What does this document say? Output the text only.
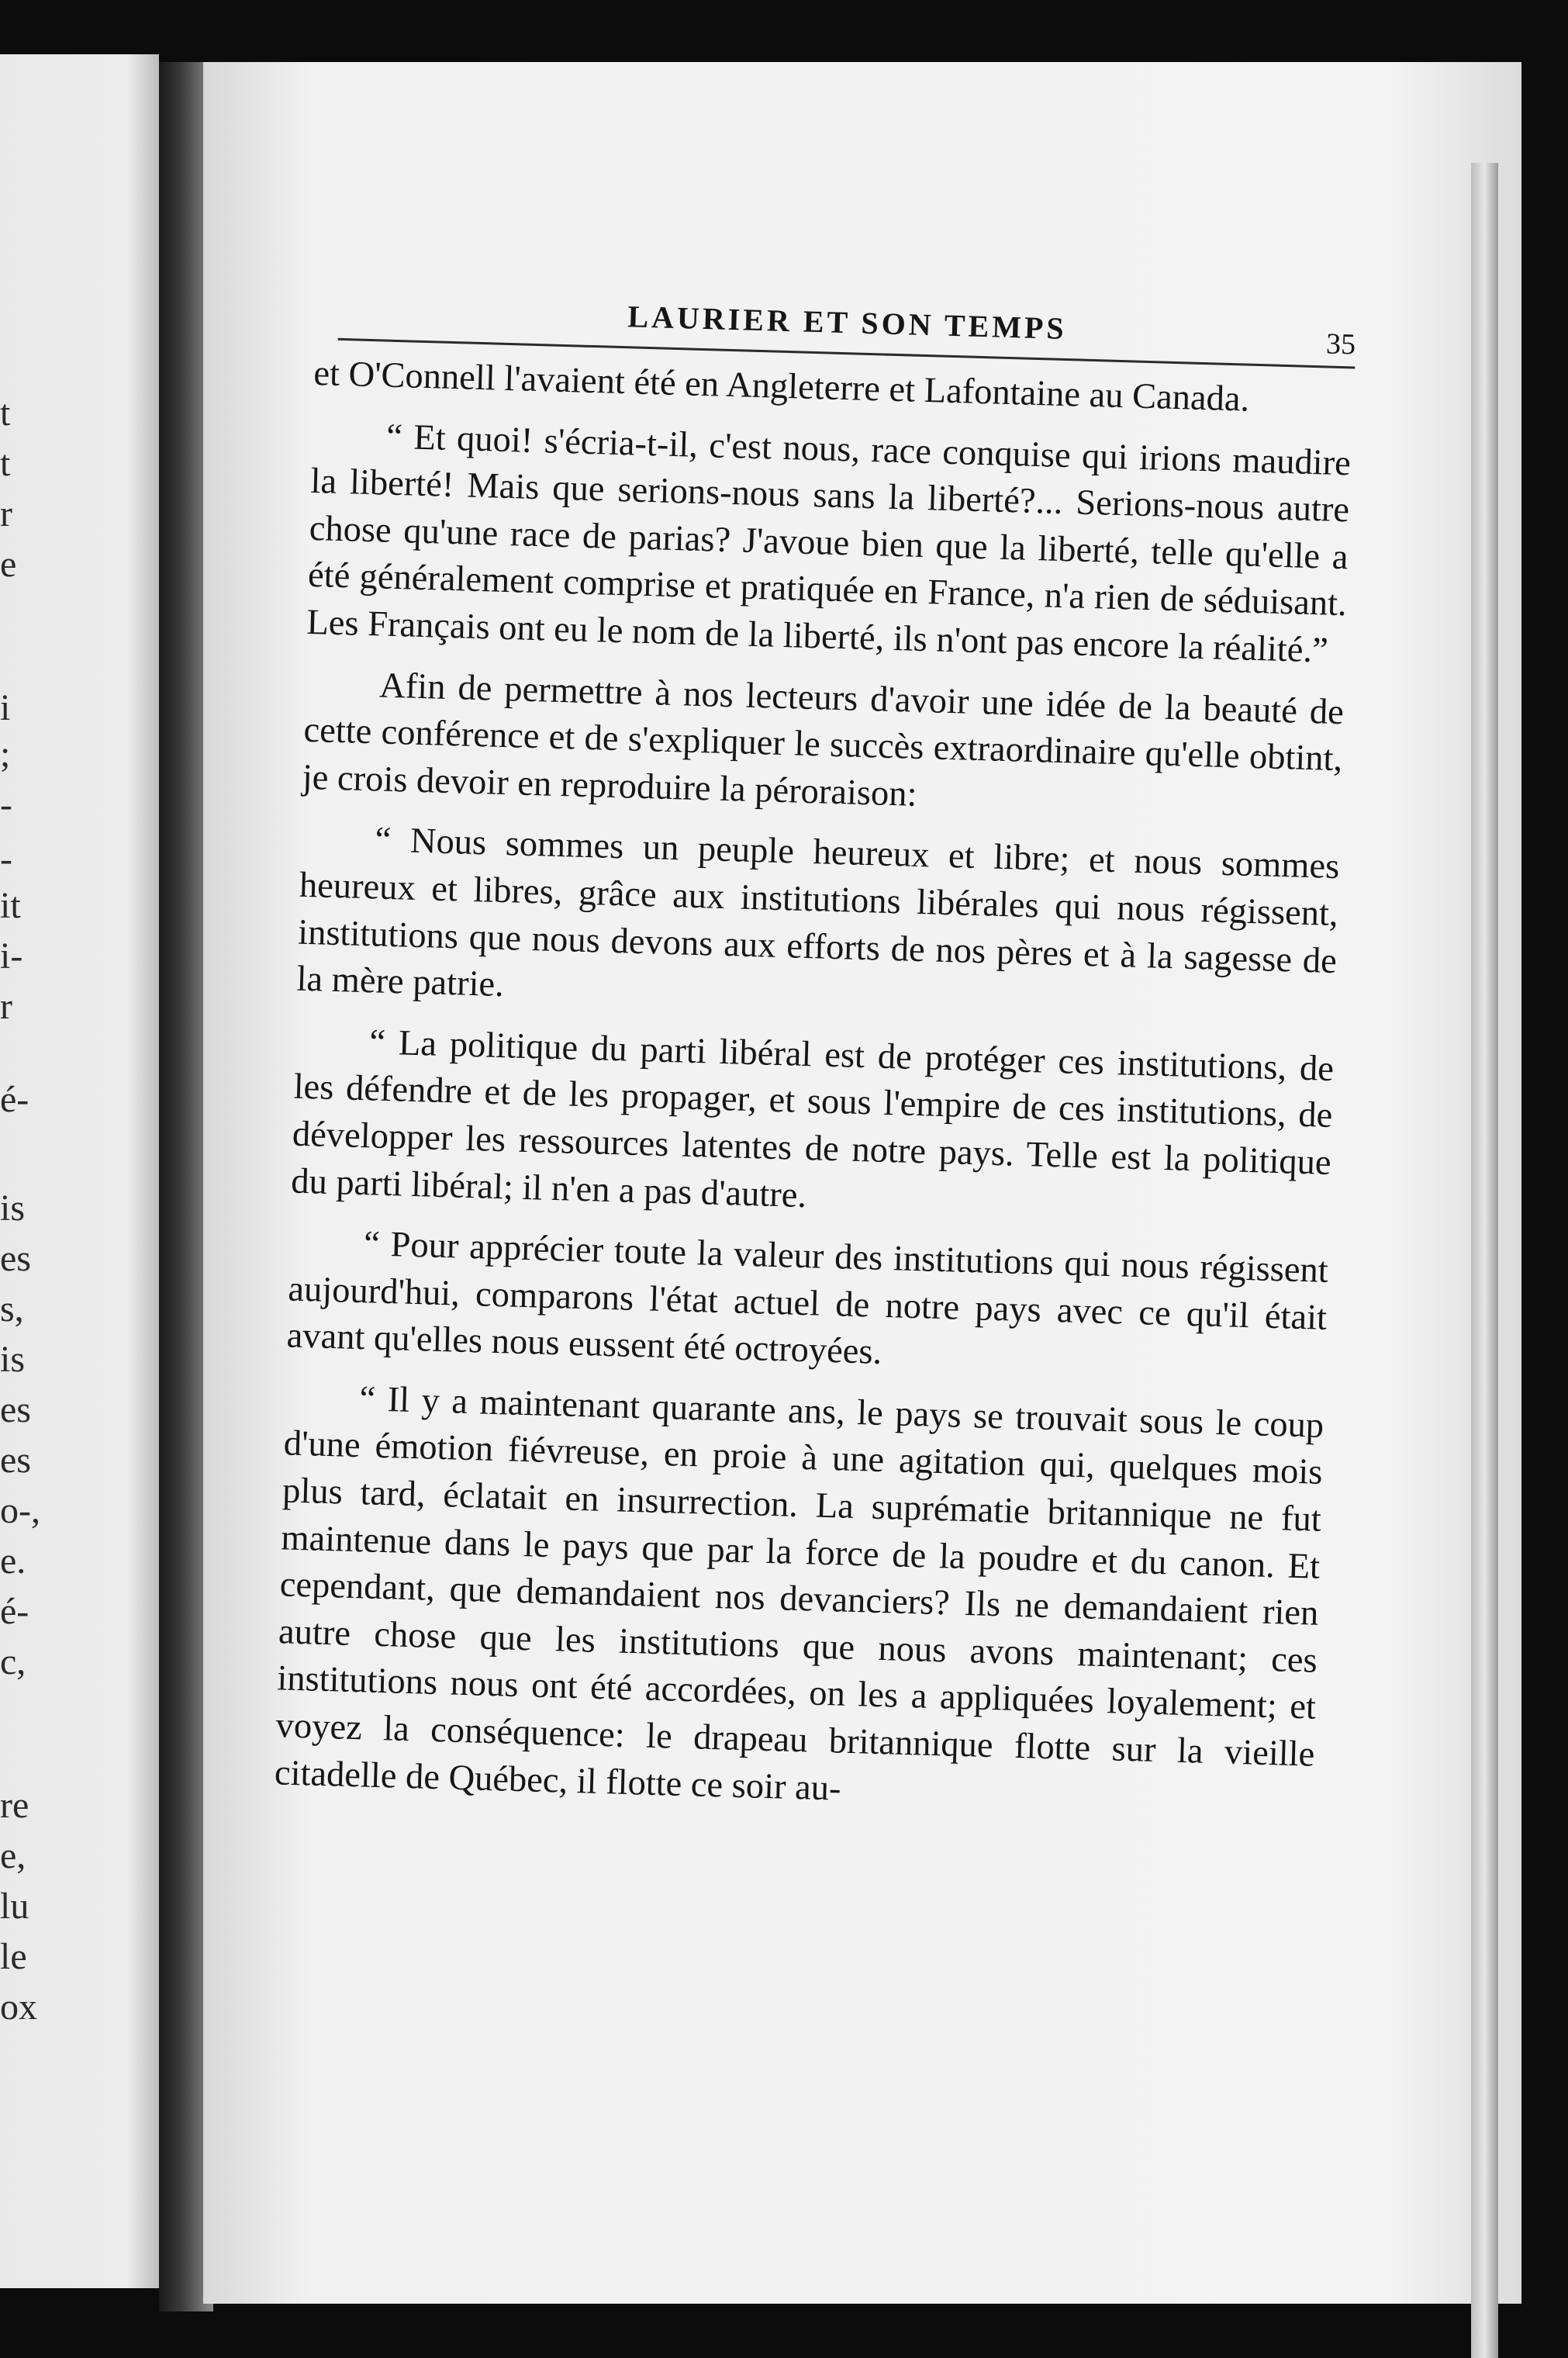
t
t
r
e
i
;
-
-
it
i-
r
é-
is
es
s,
is
es
es
o-,
e.
é-
c,
re
e,
lu
le
ox
LAURIER ET SON TEMPS	35

et O'Connell l'avaient été en Angleterre et Lafontaine au Canada.

“ Et quoi! s'écria-t-il, c'est nous, race conquise qui irions maudire la liberté! Mais que serions-nous sans la liberté?... Serions-nous autre chose qu'une race de parias? J'avoue bien que la liberté, telle qu'elle a été généralement comprise et pratiquée en France, n'a rien de séduisant. Les Français ont eu le nom de la liberté, ils n'ont pas encore la réalité.”

Afin de permettre à nos lecteurs d'avoir une idée de la beauté de cette conférence et de s'expliquer le succès extraordinaire qu'elle obtint, je crois devoir en reproduire la péroraison:

“ Nous sommes un peuple heureux et libre; et nous sommes heureux et libres, grâce aux institutions libérales qui nous régissent, institutions que nous devons aux efforts de nos pères et à la sagesse de la mère patrie.

“ La politique du parti libéral est de protéger ces institutions, de les défendre et de les propager, et sous l'empire de ces institutions, de développer les ressources latentes de notre pays. Telle est la politique du parti libéral; il n'en a pas d'autre.

“ Pour apprécier toute la valeur des institutions qui nous régissent aujourd'hui, comparons l'état actuel de notre pays avec ce qu'il était avant qu'elles nous eussent été octroyées.

“ Il y a maintenant quarante ans, le pays se trouvait sous le coup d'une émotion fiévreuse, en proie à une agitation qui, quelques mois plus tard, éclatait en insurrection. La suprématie britannique ne fut maintenue dans le pays que par la force de la poudre et du canon. Et cependant, que demandaient nos devanciers? Ils ne demandaient rien autre chose que les institutions que nous avons maintenant; ces institutions nous ont été accordées, on les a appliquées loyalement; et voyez la conséquence: le drapeau britannique flotte sur la vieille citadelle de Québec, il flotte ce soir au-
